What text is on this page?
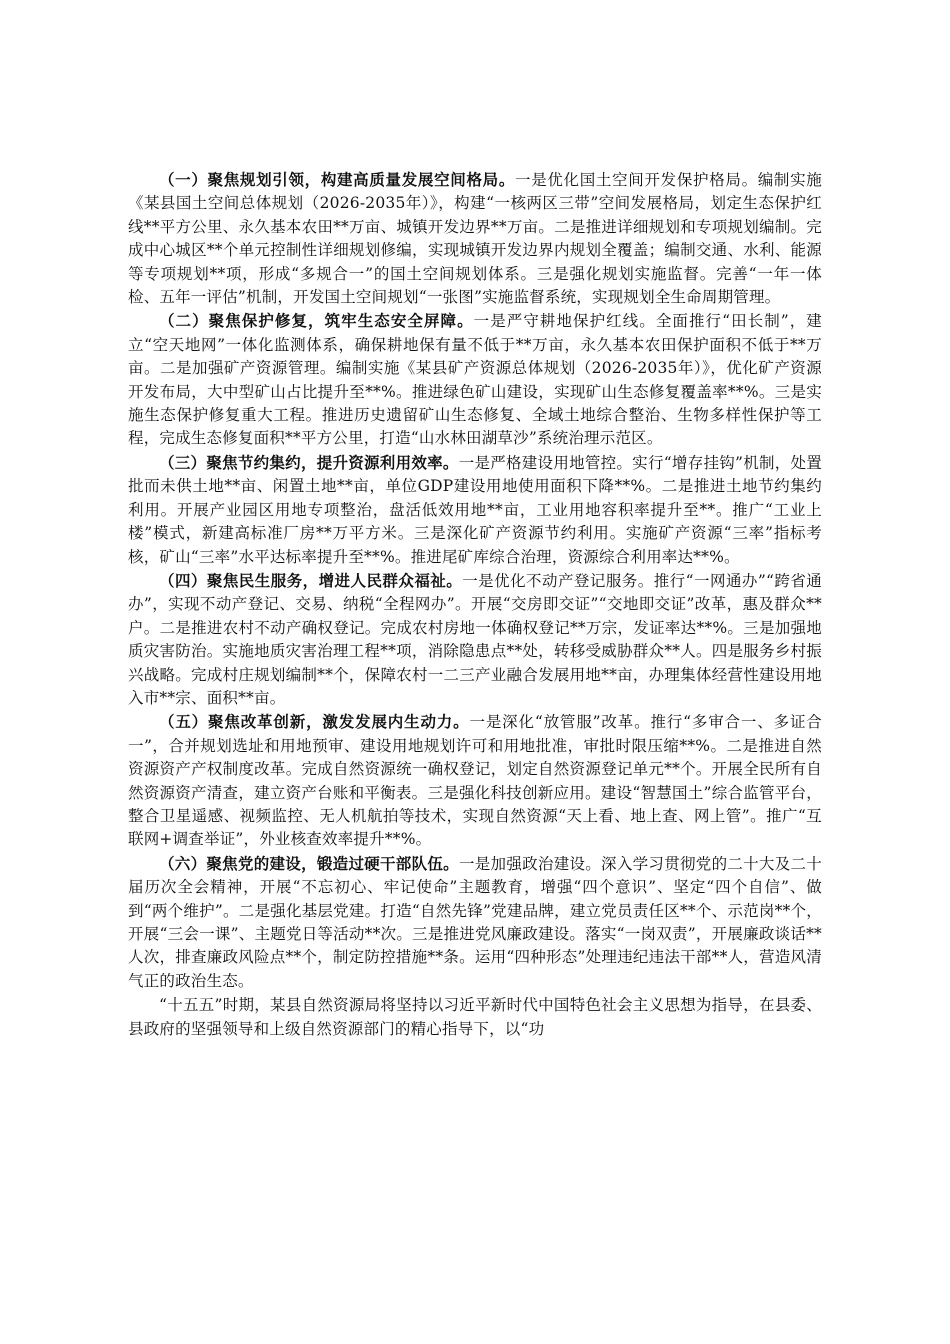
（一）聚焦规划引领，构建高质量发展空间格局。一是优化国土空间开发保护格局。编制实施《某县国土空间总体规划（2026-2035年）》，构建“一核两区三带”空间发展格局，划定生态保护红线**平方公里、永久基本农田**万亩、城镇开发边界**万亩。二是推进详细规划和专项规划编制。完成中心城区**个单元控制性详细规划修编，实现城镇开发边界内规划全覆盖；编制交通、水利、能源等专项规划**项，形成“多规合一”的国土空间规划体系。三是强化规划实施监督。完善“一年一体检、五年一评估”机制，开发国土空间规划“一张图”实施监督系统，实现规划全生命周期管理。

（二）聚焦保护修复，筑牢生态安全屏障。一是严守耕地保护红线。全面推行“田长制”，建立“空天地网”一体化监测体系，确保耕地保有量不低于**万亩，永久基本农田保护面积不低于**万亩。二是加强矿产资源管理。编制实施《某县矿产资源总体规划（2026-2035年）》，优化矿产资源开发布局，大中型矿山占比提升至**%。推进绿色矿山建设，实现矿山生态修复覆盖率**%。三是实施生态保护修复重大工程。推进历史遗留矿山生态修复、全域土地综合整治、生物多样性保护等工程，完成生态修复面积**平方公里，打造“山水林田湖草沙”系统治理示范区。

（三）聚焦节约集约，提升资源利用效率。一是严格建设用地管控。实行“增存挂钩”机制，处置批而未供土地**亩、闲置土地**亩，单位GDP建设用地使用面积下降**%。二是推进土地节约集约利用。开展产业园区用地专项整治，盘活低效用地**亩，工业用地容积率提升至**。推广“工业上楼”模式，新建高标准厂房**万平方米。三是深化矿产资源节约利用。实施矿产资源“三率”指标考核，矿山“三率”水平达标率提升至**%。推进尾矿库综合治理，资源综合利用率达**%。

（四）聚焦民生服务，增进人民群众福祉。一是优化不动产登记服务。推行“一网通办”“跨省通办”，实现不动产登记、交易、纳税“全程网办”。开展“交房即交证”“交地即交证”改革，惠及群众**户。二是推进农村不动产确权登记。完成农村房地一体确权登记**万宗，发证率达**%。三是加强地质灾害防治。实施地质灾害治理工程**项，消除隐患点**处，转移受威胁群众**人。四是服务乡村振兴战略。完成村庄规划编制**个，保障农村一二三产业融合发展用地**亩，办理集体经营性建设用地入市**宗、面积**亩。

（五）聚焦改革创新，激发发展内生动力。一是深化“放管服”改革。推行“多审合一、多证合一”，合并规划选址和用地预审、建设用地规划许可和用地批准，审批时限压缩**%。二是推进自然资源资产产权制度改革。完成自然资源统一确权登记，划定自然资源登记单元**个。开展全民所有自然资源资产清查，建立资产台账和平衡表。三是强化科技创新应用。建设“智慧国土”综合监管平台，整合卫星遥感、视频监控、无人机航拍等技术，实现自然资源“天上看、地上查、网上管”。推广“互联网+调查举证”，外业核查效率提升**%。

（六）聚焦党的建设，锻造过硬干部队伍。一是加强政治建设。深入学习贯彻党的二十大及二十届历次全会精神，开展“不忘初心、牢记使命”主题教育，增强“四个意识”、坚定“四个自信”、做到“两个维护”。二是强化基层党建。打造“自然先锋”党建品牌，建立党员责任区**个、示范岗**个，开展“三会一课”、主题党日等活动**次。三是推进党风廉政建设。落实“一岗双责”，开展廉政谈话**人次，排查廉政风险点**个，制定防控措施**条。运用“四种形态”处理违纪违法干部**人，营造风清气正的政治生态。

“十五五”时期，某县自然资源局将坚持以习近平新时代中国特色社会主义思想为指导，在县委、县政府的坚强领导和上级自然资源部门的精心指导下，以“功
